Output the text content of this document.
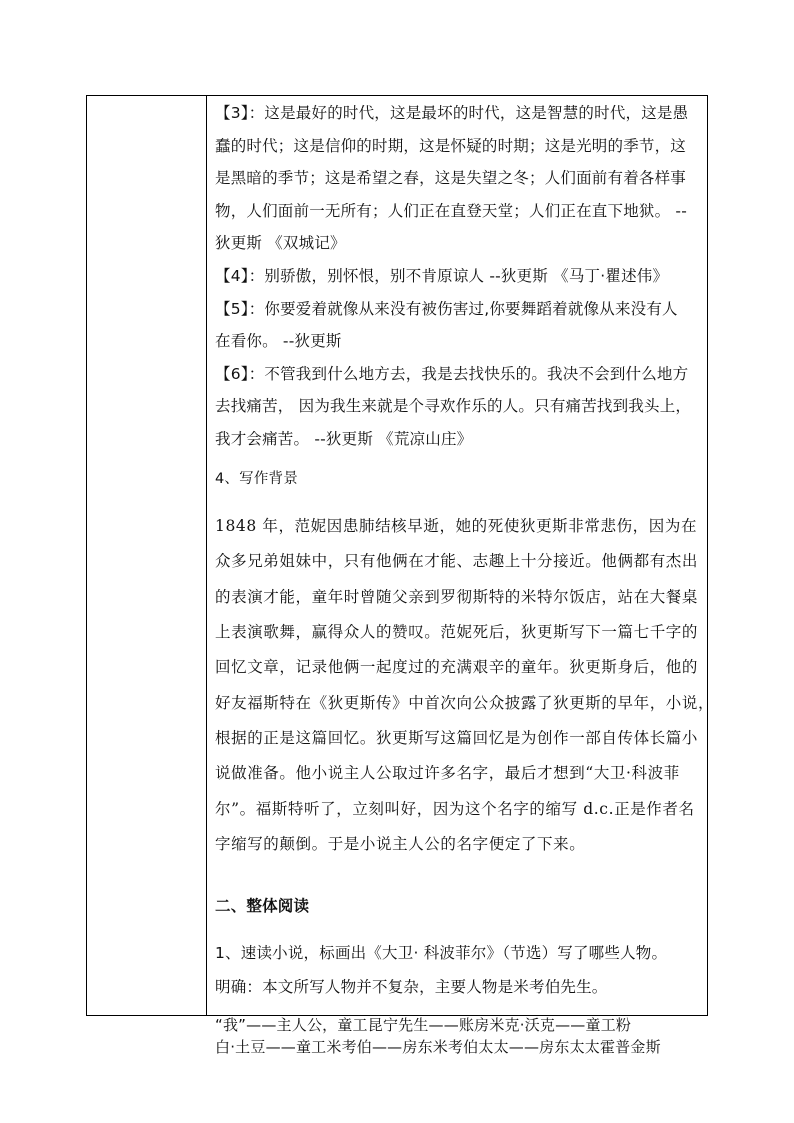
【3】：这是最好的时代，这是最坏的时代，这是智慧的时代，这是愚

蠢的时代；这是信仰的时期，这是怀疑的时期；这是光明的季节，这

是黑暗的季节；这是希望之春，这是失望之冬；人们面前有着各样事

物，人们面前一无所有；人们正在直登天堂；人们正在直下地狱。 --

狄更斯 《双城记》

【4】：别骄傲，别怀恨，别不肯原谅人 --狄更斯 《马丁·瞿述伟》

【5】：你要爱着就像从来没有被伤害过,你要舞蹈着就像从来没有人

在看你。 --狄更斯

【6】：不管我到什么地方去，我是去找快乐的。我决不会到什么地方

去找痛苦， 因为我生来就是个寻欢作乐的人。只有痛苦找到我头上，

我才会痛苦。 --狄更斯 《荒凉山庄》

4、写作背景

1848 年，范妮因患肺结核早逝，她的死使狄更斯非常悲伤，因为在

众多兄弟姐妹中，只有他俩在才能、志趣上十分接近。他俩都有杰出

的表演才能，童年时曾随父亲到罗彻斯特的米特尔饭店，站在大餐桌

上表演歌舞，赢得众人的赞叹。范妮死后，狄更斯写下一篇七千字的

回忆文章，记录他俩一起度过的充满艰辛的童年。狄更斯身后，他的

好友福斯特在《狄更斯传》中首次向公众披露了狄更斯的早年，小说，

根据的正是这篇回忆。狄更斯写这篇回忆是为创作一部自传体长篇小

说做准备。他小说主人公取过许多名字，最后才想到“大卫·科波菲

尔”。福斯特听了，立刻叫好，因为这个名字的缩写 d.c.正是作者名

字缩写的颠倒。于是小说主人公的名字便定了下来。

二、整体阅读

1、速读小说，标画出《大卫· 科波菲尔》（节选）写了哪些人物。

明确：本文所写人物并不复杂，主要人物是米考伯先生。

“我”——主人公，童工昆宁先生——账房米克·沃克——童工粉

白·土豆——童工米考伯——房东米考伯太太——房东太太霍普金斯
